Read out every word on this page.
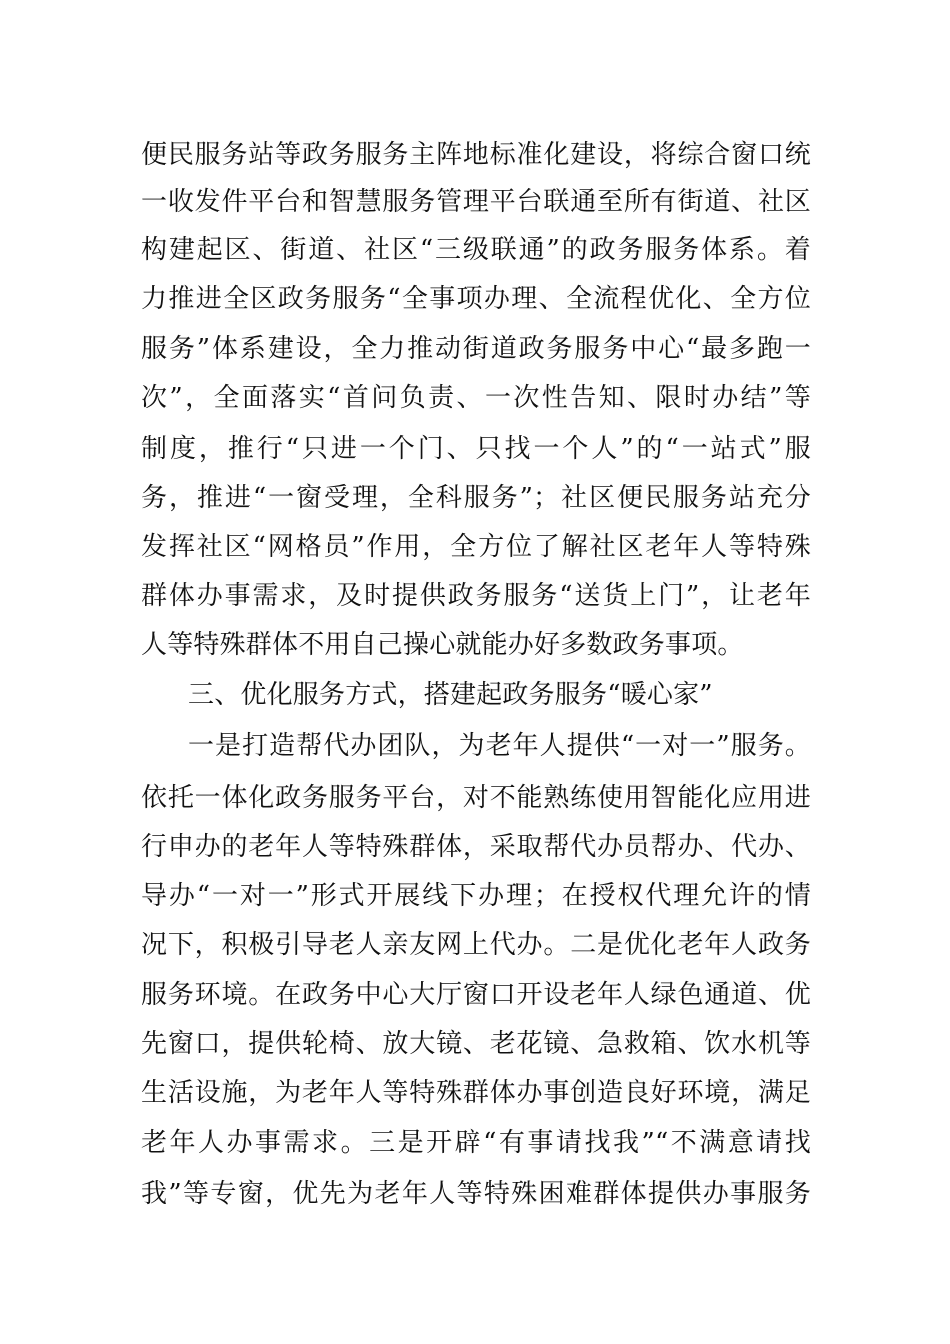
便民服务站等政务服务主阵地标准化建设，将综合窗口统
一收发件平台和智慧服务管理平台联通至所有街道、社区
构建起区、街道、社区“三级联通”的政务服务体系。着
力推进全区政务服务“全事项办理、全流程优化、全方位
服务”体系建设，全力推动街道政务服务中心“最多跑一
次”，全面落实“首问负责、一次性告知、限时办结”等
制度，推行“只进一个门、只找一个人”的“一站式”服
务，推进“一窗受理，全科服务”；社区便民服务站充分
发挥社区“网格员”作用，全方位了解社区老年人等特殊
群体办事需求，及时提供政务服务“送货上门”，让老年
人等特殊群体不用自己操心就能办好多数政务事项。
三、优化服务方式，搭建起政务服务“暖心家”
一是打造帮代办团队，为老年人提供“一对一”服务。
依托一体化政务服务平台，对不能熟练使用智能化应用进
行申办的老年人等特殊群体，采取帮代办员帮办、代办、
导办“一对一”形式开展线下办理；在授权代理允许的情
况下，积极引导老人亲友网上代办。二是优化老年人政务
服务环境。在政务中心大厅窗口开设老年人绿色通道、优
先窗口，提供轮椅、放大镜、老花镜、急救箱、饮水机等
生活设施，为老年人等特殊群体办事创造良好环境，满足
老年人办事需求。三是开辟“有事请找我”“不满意请找
我”等专窗，优先为老年人等特殊困难群体提供办事服务
